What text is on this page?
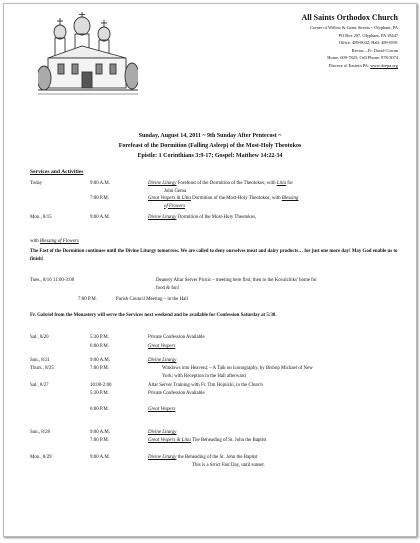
All Saints Orthodox Church
Corner of Willow & Grant Streets ~ Olyphant, PA
PO Box 207, Olyphant, PA 18447
Office: 489-0042; Hall: 489-8591
Rector—Fr. David Cowan
Home: 609-7825; Cell Phone: 878-5074
Diocese of Eastern PA: www.doepa.org
Sunday, August 14, 2011 ~ 9th Sunday After Pentecost ~
Forefeast of the Dormition (Falling Asleep) of the Most-Holy Theotokos
Epistle: 1 Corinthians 3:9-17; Gospel: Matthew 14:22-34
Services and Activities
Today	9:00 A.M.	Divine Liturgy Forefeast of the Dormition of the Theotokos; with Litia for
John Gema
7:00 P.M.	Great Vespers & Litia Dormition of the Most-Holy Theotokos, with Blessing
of Flowers
Mon., 8/15	9:00 A.M.	Divine Liturgy Dormition of the Most-Holy Theotokos,
with Blessing of Flowers
The Fast of the Dormition continues until the Divine Liturgy tomorrow. We are called to deny ourselves meat and dairy products… for just one more day! May God enable us to finish!
Tues., 8/16 11:00-3:00	Deanery Altar Server Picnic – meeting here first, then to the Kovalchiks' home for
food & fun!
7:00 P.M.	Parish Council Meeting – in the Hall
Fr. Gabriel from the Monastery will serve the Services next weekend and be available for Confession Saturday at 5:30.
Sat., 8/20	5:30 P.M.	Private Confession Available
6:00 P.M.	Great Vespers
Sun., 8/21	9:00 A.M.	Divine Liturgy
Thurs., 8/25	7:00 P.M.	Windows into Heaven‡ – A Talk on Iconography, by Bishop Michael of New
York; with Reception in the Hall afterward
Sat., 8/27	10:00-2:00	Altar Server Training with Fr. Tim Hojnicki, in the Church
5:30 P.M.	Private Confession Available
6:00 P.M.	Great Vespers
Sun., 8/28	9:00 A.M.	Divine Liturgy
7:00 P.M.	Great Vespers & Litia The Beheading of St. John the Baptist
Mon., 8/29	9:00 A.M.	Divine Liturgy the Beheading of the St. John the Baptist
This is a Strict Fast Day, until sunset.
